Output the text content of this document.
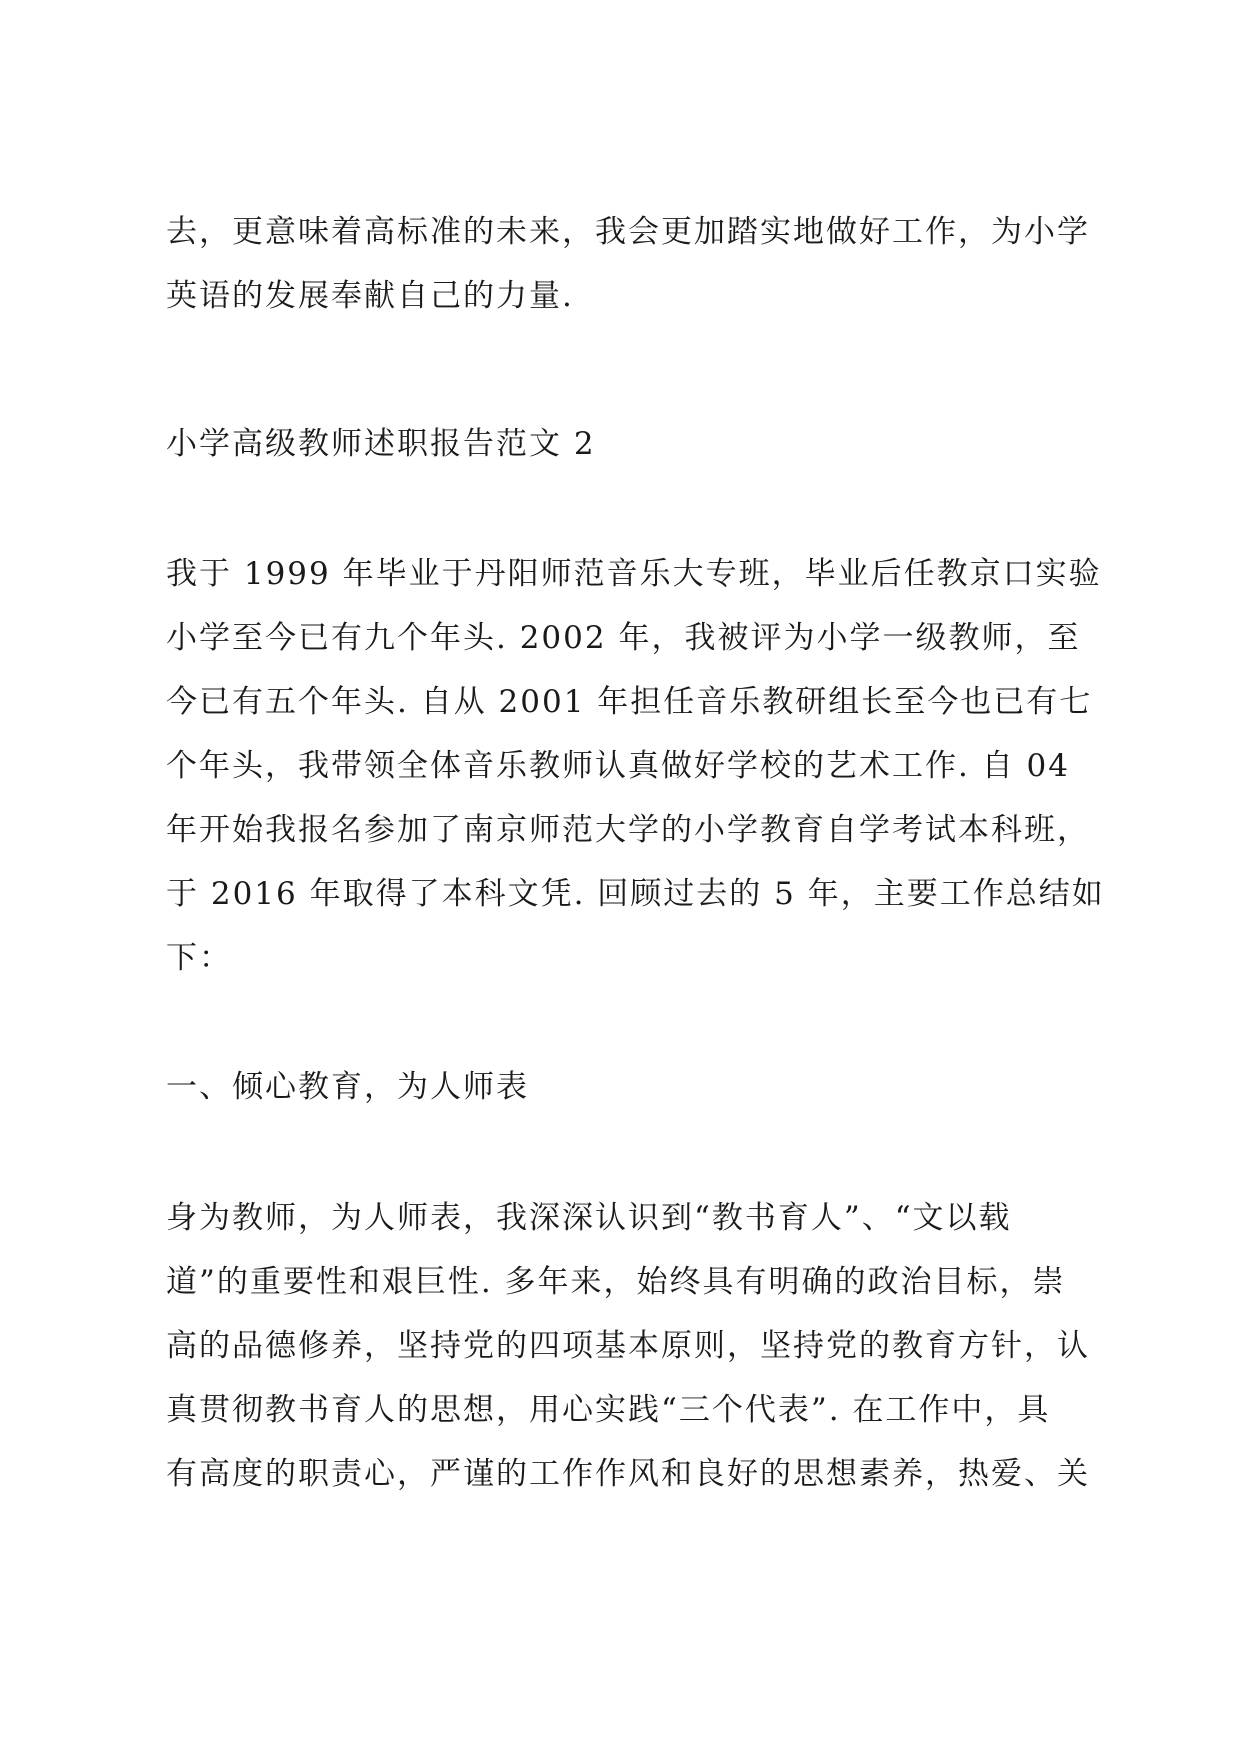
去，更意味着高标准的未来，我会更加踏实地做好工作，为小学
英语的发展奉献自己的力量.
小学高级教师述职报告范文 2
我于 1999 年毕业于丹阳师范音乐大专班，毕业后任教京口实验
小学至今已有九个年头. 2002 年，我被评为小学一级教师，至
今已有五个年头. 自从 2001 年担任音乐教研组长至今也已有七
个年头，我带领全体音乐教师认真做好学校的艺术工作. 自 04
年开始我报名参加了南京师范大学的小学教育自学考试本科班，
于 2016 年取得了本科文凭. 回顾过去的 5 年，主要工作总结如
下：
一、倾心教育，为人师表
身为教师，为人师表，我深深认识到“教书育人”、“文以载
道”的重要性和艰巨性. 多年来，始终具有明确的政治目标，崇
高的品德修养，坚持党的四项基本原则，坚持党的教育方针，认
真贯彻教书育人的思想，用心实践“三个代表”. 在工作中，具
有高度的职责心，严谨的工作作风和良好的思想素养，热爱、关
